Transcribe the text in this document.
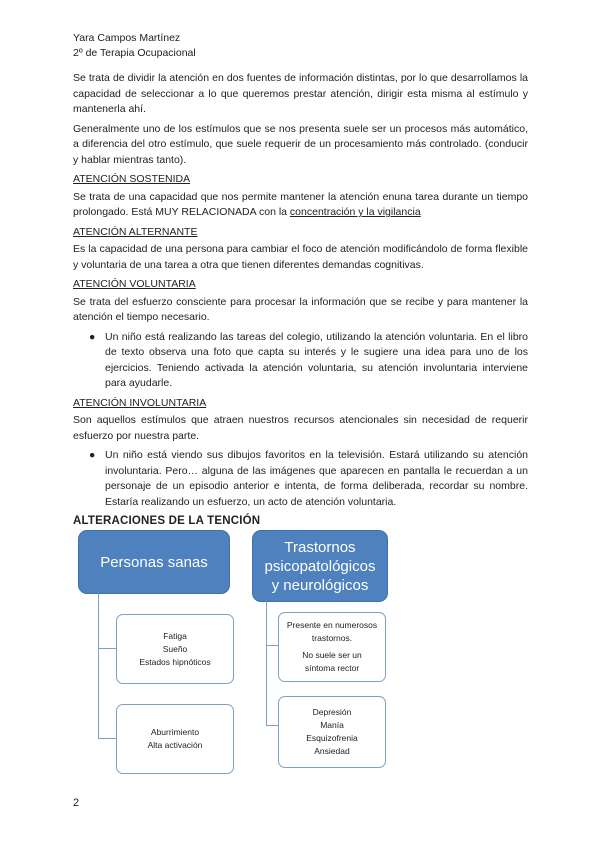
Yara Campos Martínez
2º de Terapia Ocupacional

Se trata de dividir la atención en dos fuentes de información distintas, por lo que desarrollamos la capacidad de seleccionar a lo que queremos prestar atención, dirigir esta misma al estímulo y mantenerla ahí.

Generalmente uno de los estímulos que se nos presenta suele ser un procesos más automático, a diferencia del otro estímulo, que suele requerir de un procesamiento más controlado. (conducir y hablar mientras tanto).

ATENCIÓN SOSTENIDA

Se trata de una capacidad que nos permite mantener la atención enuna tarea durante un tiempo prolongado. Está MUY RELACIONADA con la concentración y la vigilancia

ATENCIÓN ALTERNANTE

Es la capacidad de una persona para cambiar el foco de atención modificándolo de forma flexible y voluntaria de una tarea a otra que tienen diferentes demandas cognitivas.

ATENCIÓN VOLUNTARIA

Se trata del esfuerzo consciente para procesar la información que se recibe y para mantener la atención el tiempo necesario.

● Un niño está realizando las tareas del colegio, utilizando la atención voluntaria. En el libro de texto observa una foto que capta su interés y le sugiere una idea para uno de los ejercicios. Teniendo activada la atención voluntaria, su atención involuntaria interviene para ayudarle.
ATENCIÓN INVOLUNTARIA

Son aquellos estímulos que atraen nuestros recursos atencionales sin necesidad de requerir esfuerzo por nuestra parte.

● Un niño está viendo sus dibujos favoritos en la televisión. Estará utilizando su atención involuntaria. Pero… alguna de las imágenes que aparecen en pantalla le recuerdan a un personaje de un episodio anterior e intenta, de forma deliberada, recordar su nombre. Estaría realizando un esfuerzo, un acto de atención voluntaria.
ALTERACIONES DE LA TENCIÓN
Personas sanas
Fatiga
Sueño
Estados hipnóticos
Aburrimiento
Alta activación
Trastornos
psicopatológicos
y neurológicos
Presente en numerosos
trastornos.
No suele ser un
síntoma rector
Depresión
Manía
Esquizofrenia
Ansiedad
2
